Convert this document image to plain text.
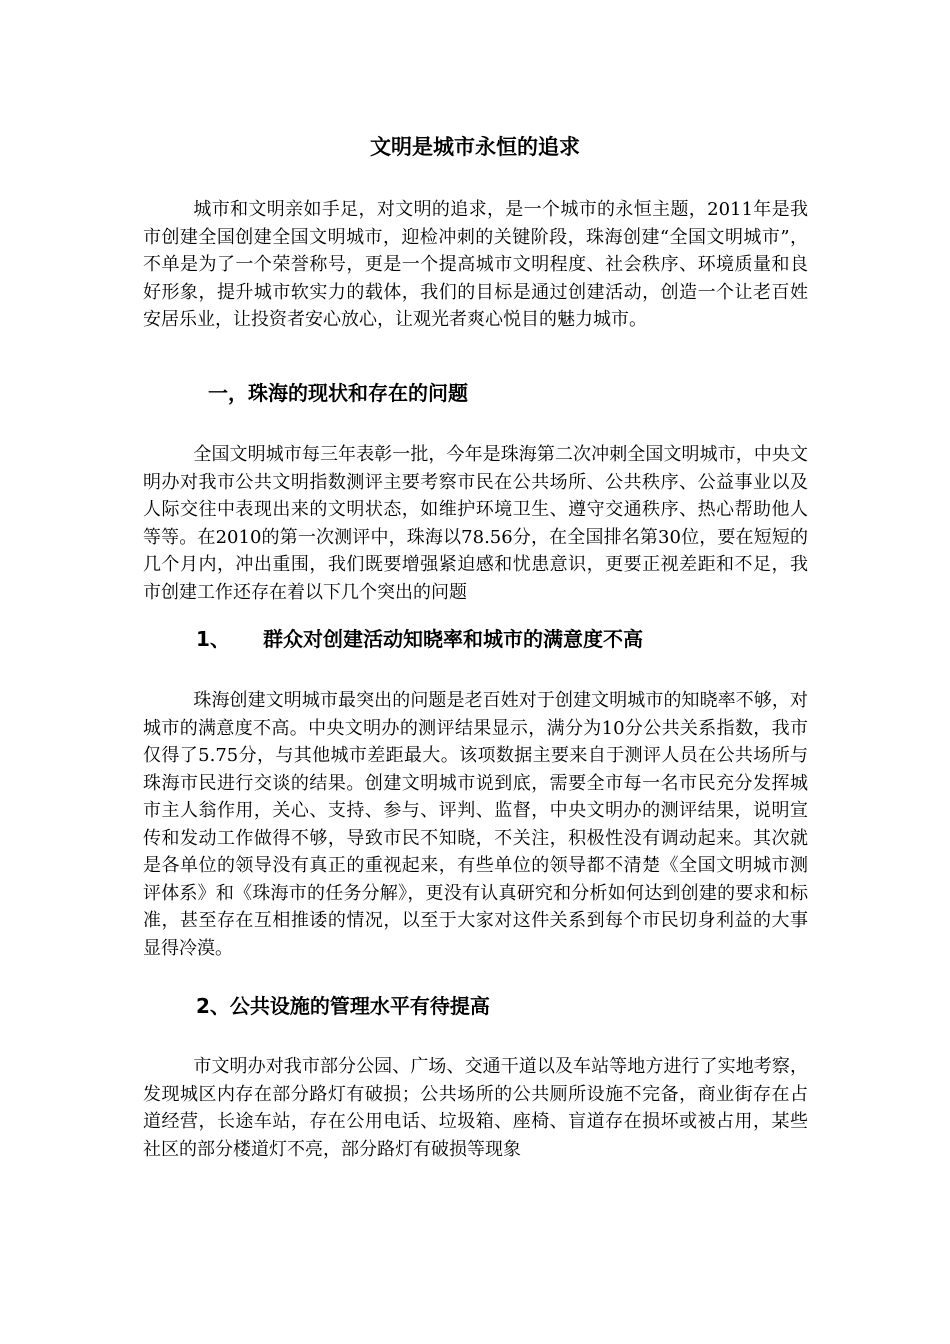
文明是城市永恒的追求

城市和文明亲如手足，对文明的追求，是一个城市的永恒主题，2011年是我市创建全国创建全国文明城市，迎检冲刺的关键阶段，珠海创建“全国文明城市”，不单是为了一个荣誉称号，更是一个提高城市文明程度、社会秩序、环境质量和良好形象，提升城市软实力的载体，我们的目标是通过创建活动，创造一个让老百姓安居乐业，让投资者安心放心，让观光者爽心悦目的魅力城市。

一，珠海的现状和存在的问题

全国文明城市每三年表彰一批，今年是珠海第二次冲刺全国文明城市，中央文明办对我市公共文明指数测评主要考察市民在公共场所、公共秩序、公益事业以及人际交往中表现出来的文明状态，如维护环境卫生、遵守交通秩序、热心帮助他人等等。在2010的第一次测评中，珠海以78.56分，在全国排名第30位，要在短短的几个月内，冲出重围，我们既要增强紧迫感和忧患意识，更要正视差距和不足，我市创建工作还存在着以下几个突出的问题

1、 群众对创建活动知晓率和城市的满意度不高

珠海创建文明城市最突出的问题是老百姓对于创建文明城市的知晓率不够，对城市的满意度不高。中央文明办的测评结果显示，满分为10分公共关系指数，我市仅得了5.75分，与其他城市差距最大。该项数据主要来自于测评人员在公共场所与珠海市民进行交谈的结果。创建文明城市说到底，需要全市每一名市民充分发挥城市主人翁作用，关心、支持、参与、评判、监督，中央文明办的测评结果，说明宣传和发动工作做得不够，导致市民不知晓，不关注，积极性没有调动起来。其次就是各单位的领导没有真正的重视起来，有些单位的领导都不清楚《全国文明城市测评体系》和《珠海市的任务分解》，更没有认真研究和分析如何达到创建的要求和标准，甚至存在互相推诿的情况，以至于大家对这件关系到每个市民切身利益的大事显得冷漠。

2、公共设施的管理水平有待提高

市文明办对我市部分公园、广场、交通干道以及车站等地方进行了实地考察，发现城区内存在部分路灯有破损；公共场所的公共厕所设施不完备，商业街存在占道经营，长途车站，存在公用电话、垃圾箱、座椅、盲道存在损坏或被占用，某些社区的部分楼道灯不亮，部分路灯有破损等现象
